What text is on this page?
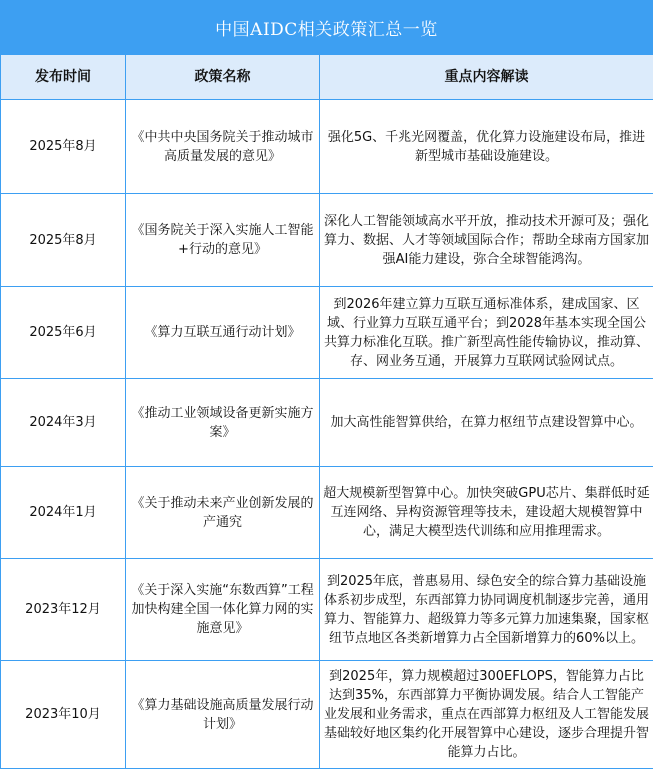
中国AIDC相关政策汇总一览
发布时间	政策名称	重点内容解读
2025年8月	《中共中央国务院关于推动城市高质量发展的意见》	强化5G、千兆光网覆盖，优化算力设施建设布局，推进新型城市基础设施建设。
2025年8月	《国务院关于深入实施人工智能+行动的意见》	深化人工智能领域高水平开放，推动技术开源可及；强化算力、数据、人才等领域国际合作；帮助全球南方国家加强AI能力建设，弥合全球智能鸿沟。
2025年6月	《算力互联互通行动计划》	到2026年建立算力互联互通标准体系，建成国家、区域、行业算力互联互通平台；到2028年基本实现全国公共算力标准化互联。推广新型高性能传输协议，推动算、存、网业务互通，开展算力互联网试验网试点。
2024年3月	《推动工业领域设备更新实施方案》	加大高性能智算供给，在算力枢纽节点建设智算中心。
2024年1月	《关于推动未来产业创新发展的产通究	超大规模新型智算中心。加快突破GPU芯片、集群低时延互连网络、异构资源管理等技未，建设超大规模智算中心，满足大模型迭代训练和应用推理需求。
2023年12月	《关于深入实施“东数西算”工程加快构建全国一体化算力网的实施意见》	到2025年底，普惠易用、绿色安全的综合算力基础设施体系初步成型，东西部算力协同调度机制逐步完善，通用算力、智能算力、超级算力等多元算力加速集聚，国家枢纽节点地区各类新增算力占全国新增算力的60%以上。
2023年10月	《算力基础设施高质量发展行动计划》	到2025年，算力规模超过300EFLOPS，智能算力占比达到35%，东西部算力平衡协调发展。结合人工智能产业发展和业务需求，重点在西部算力枢纽及人工智能发展基础较好地区集约化开展智算中心建设，逐步合理提升智能算力占比。
